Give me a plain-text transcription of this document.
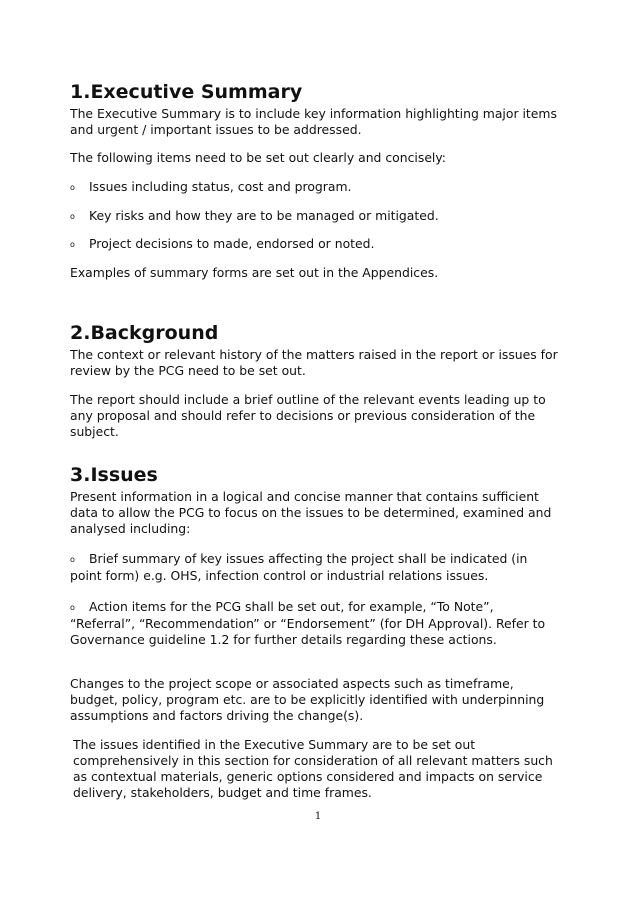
1.Executive Summary

The Executive Summary is to include key information highlighting major items and urgent / important issues to be addressed.

The following items need to be set out clearly and concisely:

o Issues including status, cost and program.
o Key risks and how they are to be managed or mitigated.
o Project decisions to made, endorsed or noted.

Examples of summary forms are set out in the Appendices.

2.Background

The context or relevant history of the matters raised in the report or issues for review by the PCG need to be set out.

The report should include a brief outline of the relevant events leading up to any proposal and should refer to decisions or previous consideration of the subject.

3.Issues

Present information in a logical and concise manner that contains sufficient data to allow the PCG to focus on the issues to be determined, examined and analysed including:

o Brief summary of key issues affecting the project shall be indicated (in point form) e.g. OHS, infection control or industrial relations issues.
o Action items for the PCG shall be set out, for example, “To Note”, “Referral”, “Recommendation” or “Endorsement” (for DH Approval). Refer to Governance guideline 1.2 for further details regarding these actions.

Changes to the project scope or associated aspects such as timeframe, budget, policy, program etc. are to be explicitly identified with underpinning assumptions and factors driving the change(s).

The issues identified in the Executive Summary are to be set out comprehensively in this section for consideration of all relevant matters such as contextual materials, generic options considered and impacts on service delivery, stakeholders, budget and time frames.

1
